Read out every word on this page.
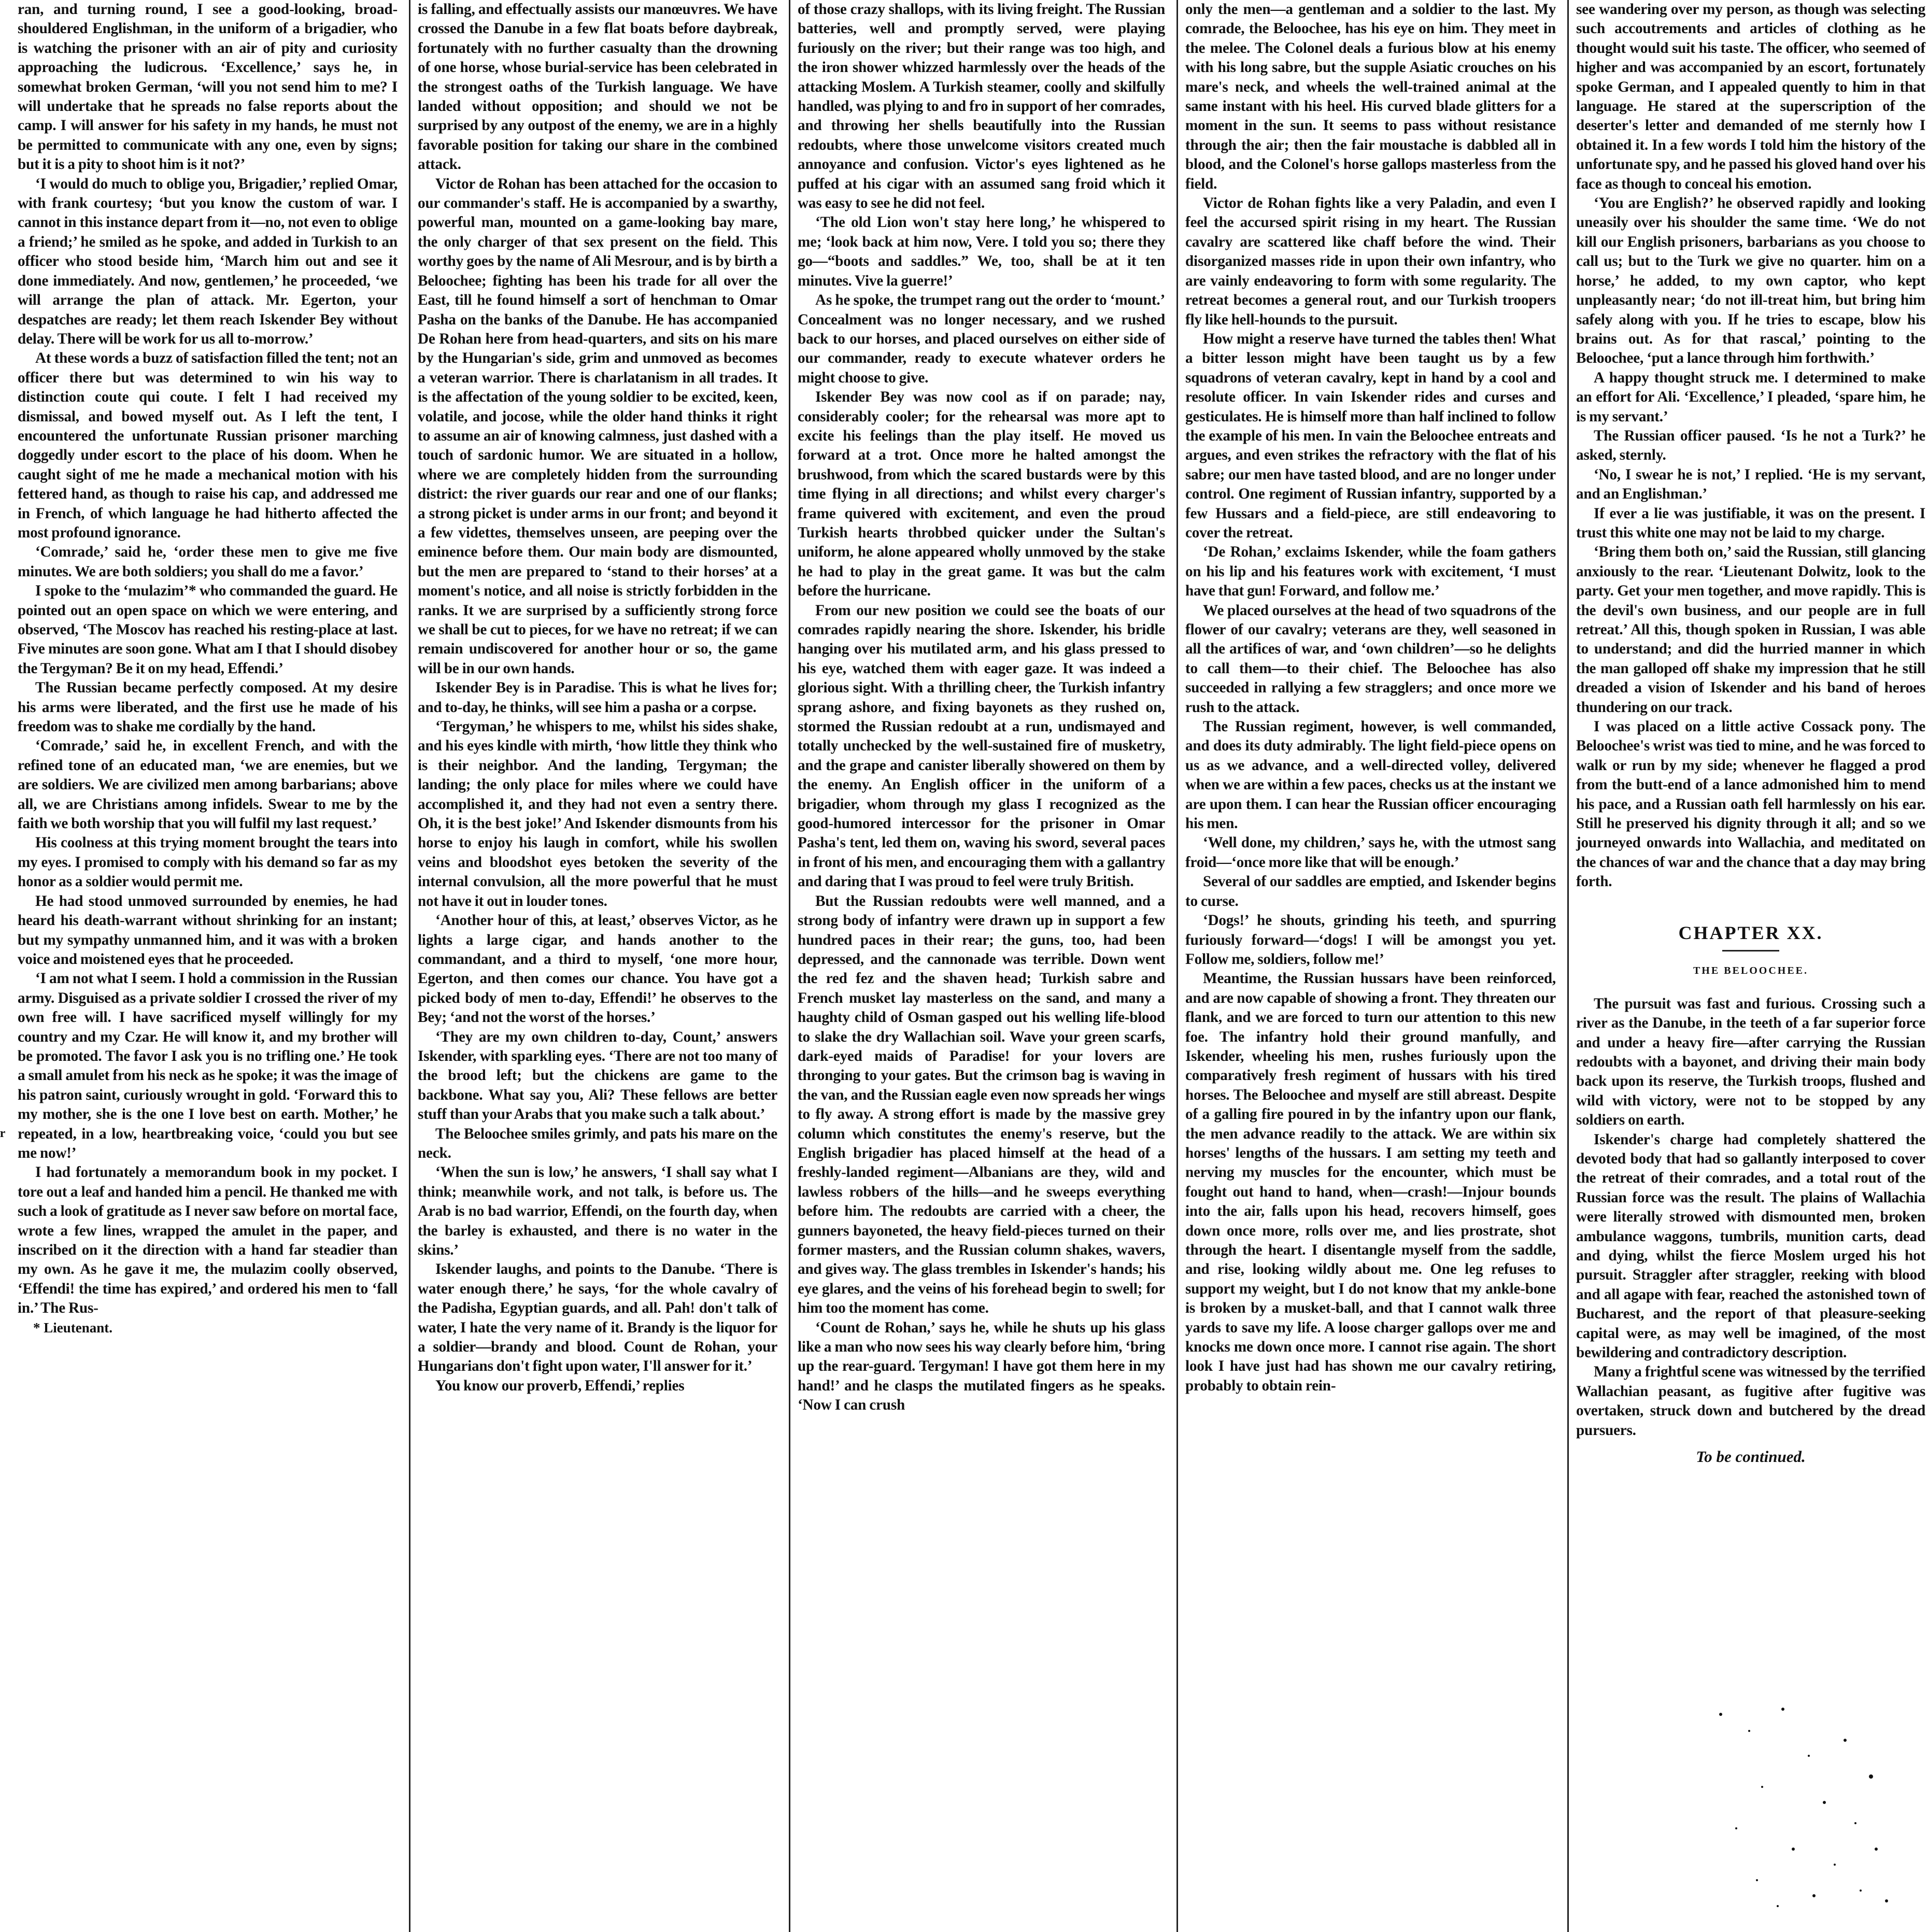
ran, and turning round, I see a good-looking, broad-shouldered Englishman, in the uniform of a brigadier, who is watching the prisoner with an air of pity and curiosity approaching the ludicrous. ‘Excellence,’ says he, in somewhat broken German, ‘will you not send him to me? I will undertake that he spreads no false reports about the camp. I will answer for his safety in my hands, he must not be permitted to communicate with any one, even by signs; but it is a pity to shoot him is it not?’

‘I would do much to oblige you, Brigadier,’ replied Omar, with frank courtesy; ‘but you know the custom of war. I cannot in this instance depart from it—no, not even to oblige a friend;’ he smiled as he spoke, and added in Turkish to an officer who stood beside him, ‘March him out and see it done immediately. And now, gentlemen,’ he proceeded, ‘we will arrange the plan of attack. Mr. Egerton, your despatches are ready; let them reach Iskender Bey without delay. There will be work for us all to-morrow.’

At these words a buzz of satisfaction filled the tent; not an officer there but was determined to win his way to distinction coute qui coute. I felt I had received my dismissal, and bowed myself out. As I left the tent, I encountered the unfortunate Russian prisoner marching doggedly under escort to the place of his doom. When he caught sight of me he made a mechanical motion with his fettered hand, as though to raise his cap, and addressed me in French, of which language he had hitherto affected the most profound ignorance.

‘Comrade,’ said he, ‘order these men to give me five minutes. We are both soldiers; you shall do me a favor.’

I spoke to the ‘mulazim’* who commanded the guard. He pointed out an open space on which we were entering, and observed, ‘The Moscov has reached his resting-place at last. Five minutes are soon gone. What am I that I should disobey the Tergyman? Be it on my head, Effendi.’

The Russian became perfectly composed. At my desire his arms were liberated, and the first use he made of his freedom was to shake me cordially by the hand.

‘Comrade,’ said he, in excellent French, and with the refined tone of an educated man, ‘we are enemies, but we are soldiers. We are civilized men among barbarians; above all, we are Christians among infidels. Swear to me by the faith we both worship that you will fulfil my last request.’

His coolness at this trying moment brought the tears into my eyes. I promised to comply with his demand so far as my honor as a soldier would permit me.

He had stood unmoved surrounded by enemies, he had heard his death-warrant without shrinking for an instant; but my sympathy unmanned him, and it was with a broken voice and moistened eyes that he proceeded.

‘I am not what I seem. I hold a commission in the Russian army. Disguised as a private soldier I crossed the river of my own free will. I have sacrificed myself willingly for my country and my Czar. He will know it, and my brother will be promoted. The favor I ask you is no trifling one.’ He took a small amulet from his neck as he spoke; it was the image of his patron saint, curiously wrought in gold. ‘Forward this to my mother, she is the one I love best on earth. Mother,’ he repeated, in a low, heartbreaking voice, ‘could you but see me now!’

I had fortunately a memorandum book in my pocket. I tore out a leaf and handed him a pencil. He thanked me with such a look of gratitude as I never saw before on mortal face, wrote a few lines, wrapped the amulet in the paper, and inscribed on it the direction with a hand far steadier than my own. As he gave it me, the mulazim coolly observed, ‘Effendi! the time has expired,’ and ordered his men to ‘fall in.’ The Rus-

* Lieutenant.

is falling, and effectually assists our manœuvres. We have crossed the Danube in a few flat boats before daybreak, fortunately with no further casualty than the drowning of one horse, whose burial-service has been celebrated in the strongest oaths of the Turkish language. We have landed without opposition; and should we not be surprised by any outpost of the enemy, we are in a highly favorable position for taking our share in the combined attack.

Victor de Rohan has been attached for the occasion to our commander's staff. He is accompanied by a swarthy, powerful man, mounted on a game-looking bay mare, the only charger of that sex present on the field. This worthy goes by the name of Ali Mesrour, and is by birth a Beloochee; fighting has been his trade for all over the East, till he found himself a sort of henchman to Omar Pasha on the banks of the Danube. He has accompanied De Rohan here from head-quarters, and sits on his mare by the Hungarian's side, grim and unmoved as becomes a veteran warrior. There is charlatanism in all trades. It is the affectation of the young soldier to be excited, keen, volatile, and jocose, while the older hand thinks it right to assume an air of knowing calmness, just dashed with a touch of sardonic humor. We are situated in a hollow, where we are completely hidden from the surrounding district: the river guards our rear and one of our flanks; a strong picket is under arms in our front; and beyond it a few videttes, themselves unseen, are peeping over the eminence before them. Our main body are dismounted, but the men are prepared to ‘stand to their horses’ at a moment's notice, and all noise is strictly forbidden in the ranks. It we are surprised by a sufficiently strong force we shall be cut to pieces, for we have no retreat; if we can remain undiscovered for another hour or so, the game will be in our own hands.

Iskender Bey is in Paradise. This is what he lives for; and to-day, he thinks, will see him a pasha or a corpse.

‘Tergyman,’ he whispers to me, whilst his sides shake, and his eyes kindle with mirth, ‘how little they think who is their neighbor. And the landing, Tergyman; the landing; the only place for miles where we could have accomplished it, and they had not even a sentry there. Oh, it is the best joke!’ And Iskender dismounts from his horse to enjoy his laugh in comfort, while his swollen veins and bloodshot eyes betoken the severity of the internal convulsion, all the more powerful that he must not have it out in louder tones.

‘Another hour of this, at least,’ observes Victor, as he lights a large cigar, and hands another to the commandant, and a third to myself, ‘one more hour, Egerton, and then comes our chance. You have got a picked body of men to-day, Effendi!’ he observes to the Bey; ‘and not the worst of the horses.’

‘They are my own children to-day, Count,’ answers Iskender, with sparkling eyes. ‘There are not too many of the brood left; but the chickens are game to the backbone. What say you, Ali? These fellows are better stuff than your Arabs that you make such a talk about.’

The Beloochee smiles grimly, and pats his mare on the neck.

‘When the sun is low,’ he answers, ‘I shall say what I think; meanwhile work, and not talk, is before us. The Arab is no bad warrior, Effendi, on the fourth day, when the barley is exhausted, and there is no water in the skins.’

Iskender laughs, and points to the Danube. ‘There is water enough there,’ he says, ‘for the whole cavalry of the Padisha, Egyptian guards, and all. Pah! don't talk of water, I hate the very name of it. Brandy is the liquor for a soldier—brandy and blood. Count de Rohan, your Hungarians don't fight upon water, I'll answer for it.’

You know our proverb, Effendi,’ replies

of those crazy shallops, with its living freight. The Russian batteries, well and promptly served, were playing furiously on the river; but their range was too high, and the iron shower whizzed harmlessly over the heads of the attacking Moslem. A Turkish steamer, coolly and skilfully handled, was plying to and fro in support of her comrades, and throwing her shells beautifully into the Russian redoubts, where those unwelcome visitors created much annoyance and confusion. Victor's eyes lightened as he puffed at his cigar with an assumed sang froid which it was easy to see he did not feel.

‘The old Lion won't stay here long,’ he whispered to me; ‘look back at him now, Vere. I told you so; there they go—“boots and saddles.” We, too, shall be at it ten minutes. Vive la guerre!’

As he spoke, the trumpet rang out the order to ‘mount.’ Concealment was no longer necessary, and we rushed back to our horses, and placed ourselves on either side of our commander, ready to execute whatever orders he might choose to give.

Iskender Bey was now cool as if on parade; nay, considerably cooler; for the rehearsal was more apt to excite his feelings than the play itself. He moved us forward at a trot. Once more he halted amongst the brushwood, from which the scared bustards were by this time flying in all directions; and whilst every charger's frame quivered with excitement, and even the proud Turkish hearts throbbed quicker under the Sultan's uniform, he alone appeared wholly unmoved by the stake he had to play in the great game. It was but the calm before the hurricane.

From our new position we could see the boats of our comrades rapidly nearing the shore. Iskender, his bridle hanging over his mutilated arm, and his glass pressed to his eye, watched them with eager gaze. It was indeed a glorious sight. With a thrilling cheer, the Turkish infantry sprang ashore, and fixing bayonets as they rushed on, stormed the Russian redoubt at a run, undismayed and totally unchecked by the well-sustained fire of musketry, and the grape and canister liberally showered on them by the enemy. An English officer in the uniform of a brigadier, whom through my glass I recognized as the good-humored intercessor for the prisoner in Omar Pasha's tent, led them on, waving his sword, several paces in front of his men, and encouraging them with a gallantry and daring that I was proud to feel were truly British.

But the Russian redoubts were well manned, and a strong body of infantry were drawn up in support a few hundred paces in their rear; the guns, too, had been depressed, and the cannonade was terrible. Down went the red fez and the shaven head; Turkish sabre and French musket lay masterless on the sand, and many a haughty child of Osman gasped out his welling life-blood to slake the dry Wallachian soil. Wave your green scarfs, dark-eyed maids of Paradise! for your lovers are thronging to your gates. But the crimson bag is waving in the van, and the Russian eagle even now spreads her wings to fly away. A strong effort is made by the massive grey column which constitutes the enemy's reserve, but the English brigadier has placed himself at the head of a freshly-landed regiment—Albanians are they, wild and lawless robbers of the hills—and he sweeps everything before him. The redoubts are carried with a cheer, the gunners bayoneted, the heavy field-pieces turned on their former masters, and the Russian column shakes, wavers, and gives way. The glass trembles in Iskender's hands; his eye glares, and the veins of his forehead begin to swell; for him too the moment has come.

‘Count de Rohan,’ says he, while he shuts up his glass like a man who now sees his way clearly before him, ‘bring up the rear-guard. Tergyman! I have got them here in my hand!’ and he clasps the mutilated fingers as he speaks. ‘Now I can crush

only the men—a gentleman and a soldier to the last. My comrade, the Beloochee, has his eye on him. They meet in the melee. The Colonel deals a furious blow at his enemy with his long sabre, but the supple Asiatic crouches on his mare's neck, and wheels the well-trained animal at the same instant with his heel. His curved blade glitters for a moment in the sun. It seems to pass without resistance through the air; then the fair moustache is dabbled all in blood, and the Colonel's horse gallops masterless from the field.

Victor de Rohan fights like a very Paladin, and even I feel the accursed spirit rising in my heart. The Russian cavalry are scattered like chaff before the wind. Their disorganized masses ride in upon their own infantry, who are vainly endeavoring to form with some regularity. The retreat becomes a general rout, and our Turkish troopers fly like hell-hounds to the pursuit.

How might a reserve have turned the tables then! What a bitter lesson might have been taught us by a few squadrons of veteran cavalry, kept in hand by a cool and resolute officer. In vain Iskender rides and curses and gesticulates. He is himself more than half inclined to follow the example of his men. In vain the Beloochee entreats and argues, and even strikes the refractory with the flat of his sabre; our men have tasted blood, and are no longer under control. One regiment of Russian infantry, supported by a few Hussars and a field-piece, are still endeavoring to cover the retreat.

‘De Rohan,’ exclaims Iskender, while the foam gathers on his lip and his features work with excitement, ‘I must have that gun! Forward, and follow me.’

We placed ourselves at the head of two squadrons of the flower of our cavalry; veterans are they, well seasoned in all the artifices of war, and ‘own children’—so he delights to call them—to their chief. The Beloochee has also succeeded in rallying a few stragglers; and once more we rush to the attack.

The Russian regiment, however, is well commanded, and does its duty admirably. The light field-piece opens on us as we advance, and a well-directed volley, delivered when we are within a few paces, checks us at the instant we are upon them. I can hear the Russian officer encouraging his men.

‘Well done, my children,’ says he, with the utmost sang froid—‘once more like that will be enough.’

Several of our saddles are emptied, and Iskender begins to curse.

‘Dogs!’ he shouts, grinding his teeth, and spurring furiously forward—‘dogs! I will be amongst you yet. Follow me, soldiers, follow me!’

Meantime, the Russian hussars have been reinforced, and are now capable of showing a front. They threaten our flank, and we are forced to turn our attention to this new foe. The infantry hold their ground manfully, and Iskender, wheeling his men, rushes furiously upon the comparatively fresh regiment of hussars with his tired horses. The Beloochee and myself are still abreast. Despite of a galling fire poured in by the infantry upon our flank, the men advance readily to the attack. We are within six horses' lengths of the hussars. I am setting my teeth and nerving my muscles for the encounter, which must be fought out hand to hand, when—crash!—Injour bounds into the air, falls upon his head, recovers himself, goes down once more, rolls over me, and lies prostrate, shot through the heart. I disentangle myself from the saddle, and rise, looking wildly about me. One leg refuses to support my weight, but I do not know that my ankle-bone is broken by a musket-ball, and that I cannot walk three yards to save my life. A loose charger gallops over me and knocks me down once more. I cannot rise again. The short look I have just had has shown me our cavalry retiring, probably to obtain rein-

see wandering over my person, as though was selecting such accoutrements and articles of clothing as he thought would suit his taste. The officer, who seemed of higher and was accompanied by an escort, fortunately spoke German, and I appealed quently to him in that language. He stared at the superscription of the deserter's letter and demanded of me sternly how I obtained it. In a few words I told him the history of the unfortunate spy, and he passed his gloved hand over his face as though to conceal his emotion.

‘You are English?’ he observed rapidly and looking uneasily over his shoulder the same time. ‘We do not kill our English prisoners, barbarians as you choose to call us; but to the Turk we give no quarter. him on a horse,’ he added, to my own captor, who kept unpleasantly near; ‘do not ill-treat him, but bring him safely along with you. If he tries to escape, blow his brains out. As for that rascal,’ pointing to the Beloochee, ‘put a lance through him forthwith.’

A happy thought struck me. I determined to make an effort for Ali. ‘Excellence,’ I pleaded, ‘spare him, he is my servant.’

The Russian officer paused. ‘Is he not a Turk?’ he asked, sternly.

‘No, I swear he is not,’ I replied. ‘He is my servant, and an Englishman.’

If ever a lie was justifiable, it was on the present. I trust this white one may not be laid to my charge.

‘Bring them both on,’ said the Russian, still glancing anxiously to the rear. ‘Lieutenant Dolwitz, look to the party. Get your men together, and move rapidly. This is the devil's own business, and our people are in full retreat.’ All this, though spoken in Russian, I was able to understand; and did the hurried manner in which the man galloped off shake my impression that he still dreaded a vision of Iskender and his band of heroes thundering on our track.

I was placed on a little active Cossack pony. The Beloochee's wrist was tied to mine, and he was forced to walk or run by my side; whenever he flagged a prod from the butt-end of a lance admonished him to mend his pace, and a Russian oath fell harmlessly on his ear. Still he preserved his dignity through it all; and so we journeyed onwards into Wallachia, and meditated on the chances of war and the chance that a day may bring forth.

CHAPTER XX.
THE BELOOCHEE.

The pursuit was fast and furious. Crossing such a river as the Danube, in the teeth of a far superior force and under a heavy fire—after carrying the Russian redoubts with a bayonet, and driving their main body back upon its reserve, the Turkish troops, flushed and wild with victory, were not to be stopped by any soldiers on earth.

Iskender's charge had completely shattered the devoted body that had so gallantly interposed to cover the retreat of their comrades, and a total rout of the Russian force was the result. The plains of Wallachia were literally strowed with dismounted men, broken ambulance waggons, tumbrils, munition carts, dead and dying, whilst the fierce Moslem urged his hot pursuit. Straggler after straggler, reeking with blood and all agape with fear, reached the astonished town of Bucharest, and the report of that pleasure-seeking capital were, as may well be imagined, of the most bewildering and contradictory description.

Many a frightful scene was witnessed by the terrified Wallachian peasant, as fugitive after fugitive was overtaken, struck down and butchered by the dread pursuers.

To be continued.
ʳ
